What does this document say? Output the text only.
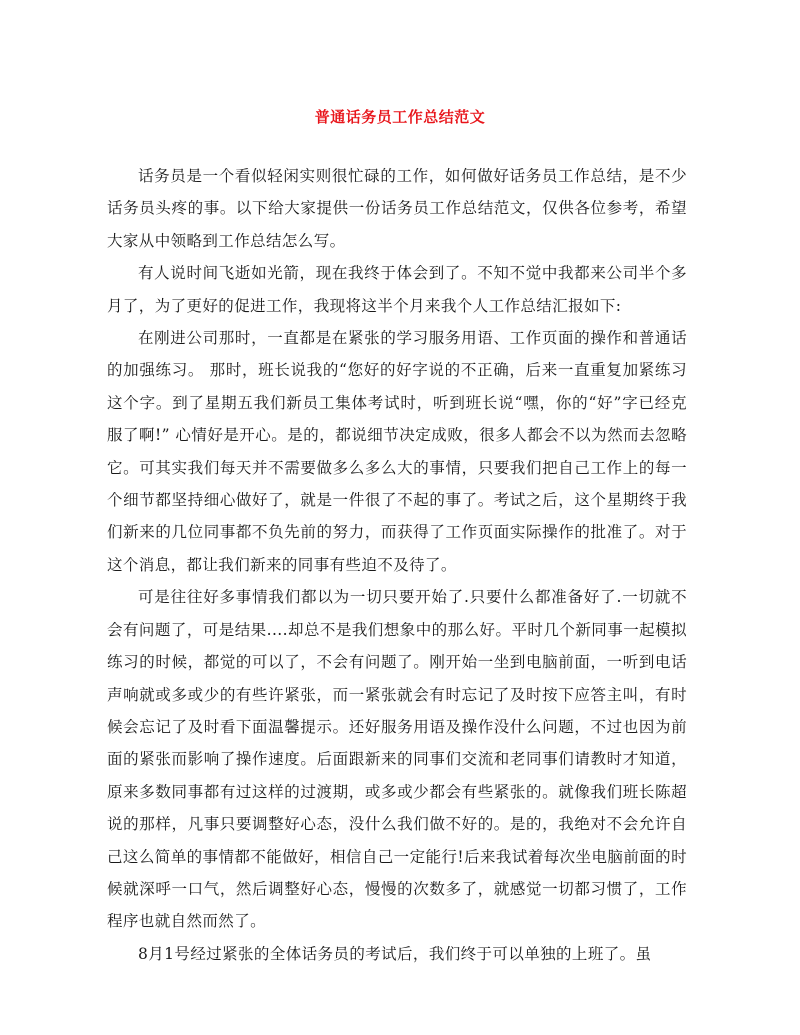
普通话务员工作总结范文

话务员是一个看似轻闲实则很忙碌的工作，如何做好话务员工作总结，是不少话务员头疼的事。以下给大家提供一份话务员工作总结范文，仅供各位参考，希望大家从中领略到工作总结怎么写。

有人说时间飞逝如光箭，现在我终于体会到了。不知不觉中我都来公司半个多月了，为了更好的促进工作，我现将这半个月来我个人工作总结汇报如下:

在刚进公司那时，一直都是在紧张的学习服务用语、工作页面的操作和普通话的加强练习。 那时，班长说我的“您好的好字说的不正确，后来一直重复加紧练习这个字。到了星期五我们新员工集体考试时，听到班长说“嘿，你的“好”字已经克服了啊!” 心情好是开心。是的，都说细节决定成败，很多人都会不以为然而去忽略它。可其实我们每天并不需要做多么多么大的事情，只要我们把自己工作上的每一个细节都坚持细心做好了，就是一件很了不起的事了。考试之后，这个星期终于我们新来的几位同事都不负先前的努力，而获得了工作页面实际操作的批准了。对于这个消息，都让我们新来的同事有些迫不及待了。

可是往往好多事情我们都以为一切只要开始了.只要什么都准备好了.一切就不会有问题了，可是结果....却总不是我们想象中的那么好。平时几个新同事一起模拟练习的时候，都觉的可以了，不会有问题了。刚开始一坐到电脑前面，一听到电话声响就或多或少的有些许紧张，而一紧张就会有时忘记了及时按下应答主叫，有时候会忘记了及时看下面温馨提示。还好服务用语及操作没什么问题，不过也因为前面的紧张而影响了操作速度。后面跟新来的同事们交流和老同事们请教时才知道，原来多数同事都有过这样的过渡期，或多或少都会有些紧张的。就像我们班长陈超说的那样，凡事只要调整好心态，没什么我们做不好的。是的，我绝对不会允许自己这么简单的事情都不能做好，相信自己一定能行!后来我试着每次坐电脑前面的时候就深呼一口气，然后调整好心态，慢慢的次数多了，就感觉一切都习惯了，工作程序也就自然而然了。

8月1号经过紧张的全体话务员的考试后，我们终于可以单独的上班了。虽
